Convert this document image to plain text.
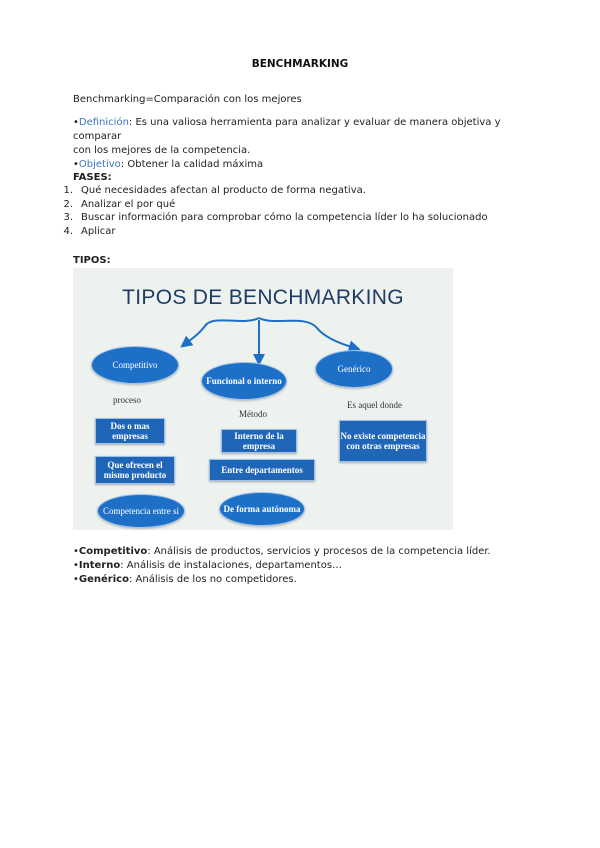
BENCHMARKING
Benchmarking=Comparación con los mejores
•Definición: Es una valiosa herramienta para analizar y evaluar de manera objetiva y comparar
con los mejores de la competencia.
•Objetivo: Obtener la calidad máxima
FASES:
1. Qué necesidades afectan al producto de forma negativa.
2. Analizar el por qué
3. Buscar información para comprobar cómo la competencia líder lo ha solucionado
4. Aplicar
TIPOS:
TIPOS DE BENCHMARKING
Competitivo
Funcional o interno
Genérico
proceso
Método
Es aquel donde
Dos o mas empresas
Que ofrecen el mismo producto
Competencia entre si
Interno de la empresa
Entre departamentos
De forma autónoma
No existe competencia con otras empresas
•Competitivo: Análisis de productos, servicios y procesos de la competencia líder.
•Interno: Análisis de instalaciones, departamentos…
•Genérico: Análisis de los no competidores.
